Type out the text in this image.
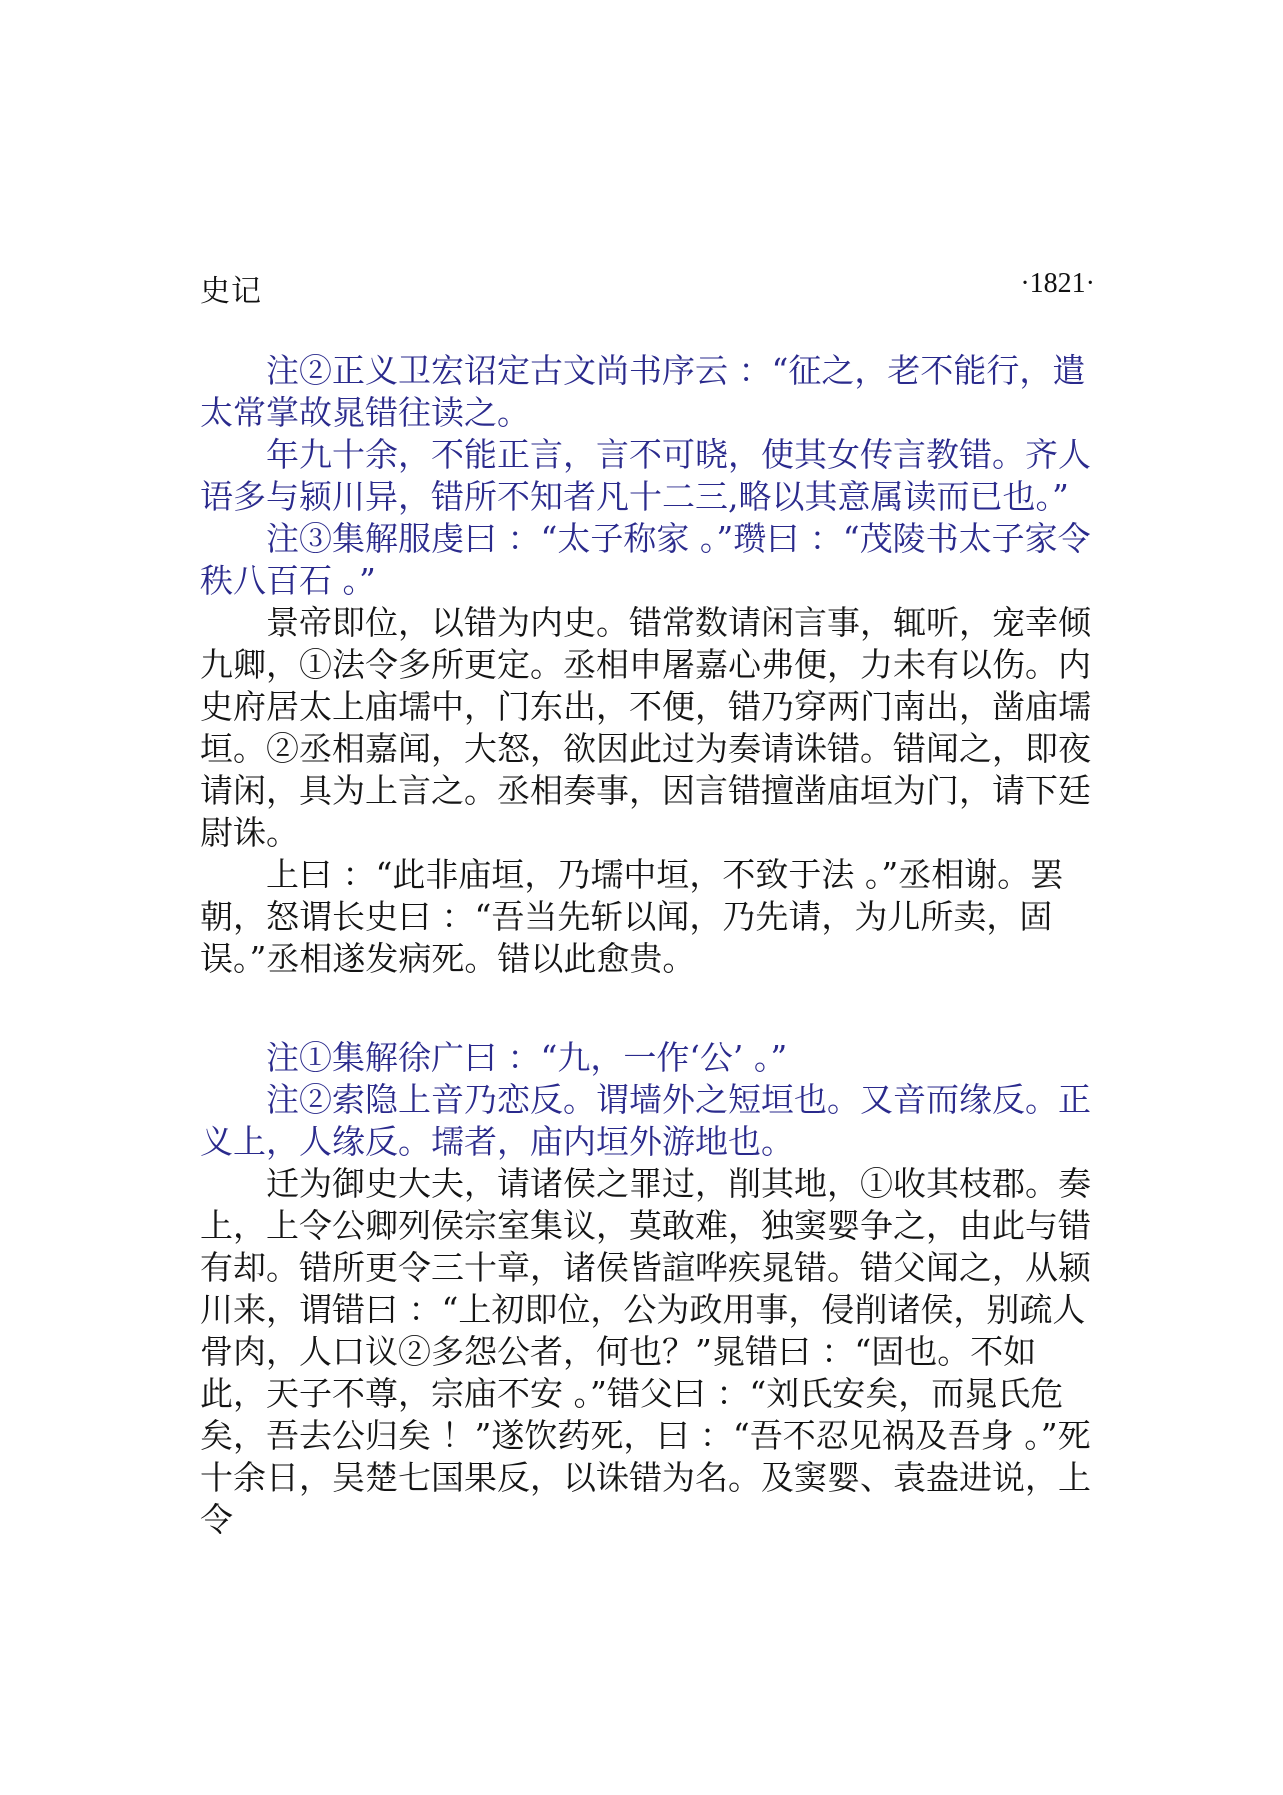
史记	·1821·

注②正义卫宏诏定古文尚书序云 ：“征之，老不能行，遣太常掌故晁错往读之。

年九十余，不能正言，言不可晓，使其女传言教错。齐人语多与颍川异，错所不知者凡十二三,略以其意属读而已也。”

注③集解服虔曰 ：“太子称家 。”瓒曰 ：“茂陵书太子家令秩八百石 。”

景帝即位，以错为内史。错常数请闲言事，辄听，宠幸倾九卿，①法令多所更定。丞相申屠嘉心弗便，力未有以伤。内史府居太上庙壖中，门东出，不便，错乃穿两门南出，凿庙壖垣。②丞相嘉闻，大怒，欲因此过为奏请诛错。错闻之，即夜请闲，具为上言之。丞相奏事，因言错擅凿庙垣为门，请下廷尉诛。

上曰 ：“此非庙垣，乃壖中垣，不致于法 。”丞相谢。罢朝，怒谓长史曰 ：“吾当先斩以闻，乃先请，为儿所卖，固误。”丞相遂发病死。错以此愈贵。

注①集解徐广曰 ：“九，一作‘公’ 。”

注②索隐上音乃恋反。谓墙外之短垣也。又音而缘反。正义上，人缘反。壖者，庙内垣外游地也。

迁为御史大夫，请诸侯之罪过，削其地，①收其枝郡。奏上，上令公卿列侯宗室集议，莫敢难，独窦婴争之，由此与错有却。错所更令三十章，诸侯皆諠哗疾晁错。错父闻之，从颍川来，谓错曰 ：“上初即位，公为政用事，侵削诸侯，别疏人骨肉，人口议②多怨公者，何也？”晁错曰 ：“固也。不如此，天子不尊，宗庙不安 。”错父曰 ：“刘氏安矣，而晁氏危矣，吾去公归矣 ！”遂饮药死，曰 ：“吾不忍见祸及吾身 。”死十余日，吴楚七国果反，以诛错为名。及窦婴、袁盎进说，上令
